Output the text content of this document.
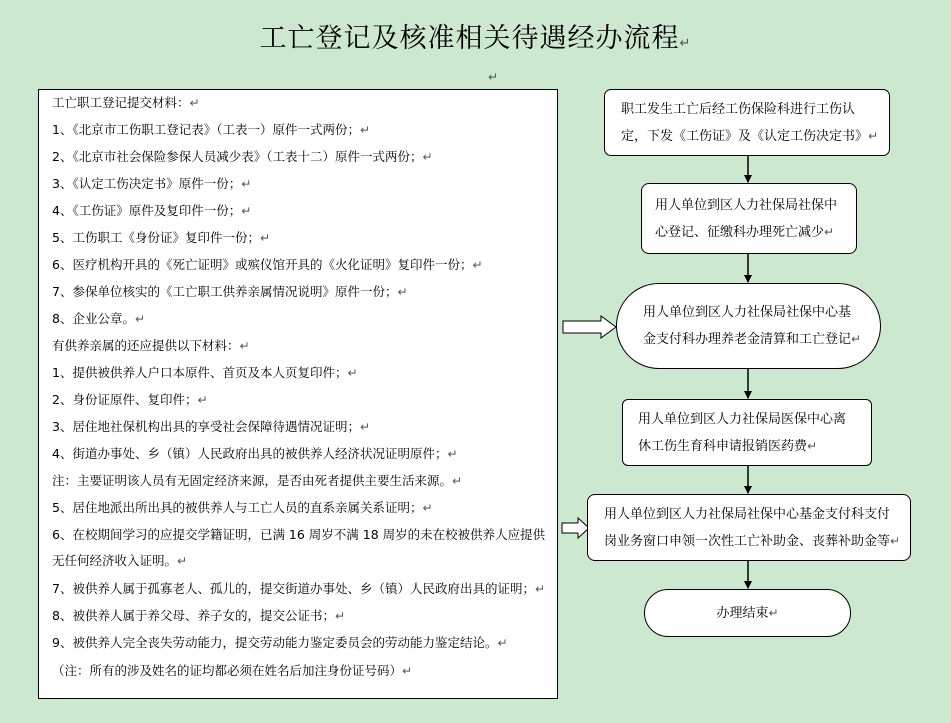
工亡登记及核准相关待遇经办流程↵
↵
工亡职工登记提交材料：↵
1、《北京市工伤职工登记表》（工表一）原件一式两份；↵
2、《北京市社会保险参保人员减少表》（工表十二）原件一式两份；↵
3、《认定工伤决定书》原件一份；↵
4、《工伤证》原件及复印件一份；↵
5、工伤职工《身份证》复印件一份；↵
6、医疗机构开具的《死亡证明》或殡仪馆开具的《火化证明》复印件一份；↵
7、参保单位核实的《工亡职工供养亲属情况说明》原件一份；↵
8、企业公章。↵
有供养亲属的还应提供以下材料：↵
1、提供被供养人户口本原件、首页及本人页复印件；↵
2、身份证原件、复印件；↵
3、居住地社保机构出具的享受社会保障待遇情况证明；↵
4、街道办事处、乡（镇）人民政府出具的被供养人经济状况证明原件；↵
注：主要证明该人员有无固定经济来源，是否由死者提供主要生活来源。↵
5、居住地派出所出具的被供养人与工亡人员的直系亲属关系证明；↵
6、在校期间学习的应提交学籍证明，已满 16 周岁不满 18 周岁的未在校被供养人应提供
无任何经济收入证明。↵
7、被供养人属于孤寡老人、孤儿的，提交街道办事处、乡（镇）人民政府出具的证明；↵
8、被供养人属于养父母、养子女的，提交公证书；↵
9、被供养人完全丧失劳动能力，提交劳动能力鉴定委员会的劳动能力鉴定结论。↵
（注：所有的涉及姓名的证均都必须在姓名后加注身份证号码）↵
职工发生工亡后经工伤保险科进行工伤认
定，下发《工伤证》及《认定工伤决定书》↵
用人单位到区人力社保局社保中
心登记、征缴科办理死亡减少↵
用人单位到区人力社保局社保中心基
金支付科办理养老金清算和工亡登记↵
用人单位到区人力社保局医保中心离
休工伤生育科申请报销医药费↵
用人单位到区人力社保局社保中心基金支付科支付
岗业务窗口申领一次性工亡补助金、丧葬补助金等↵
办理结束↵
